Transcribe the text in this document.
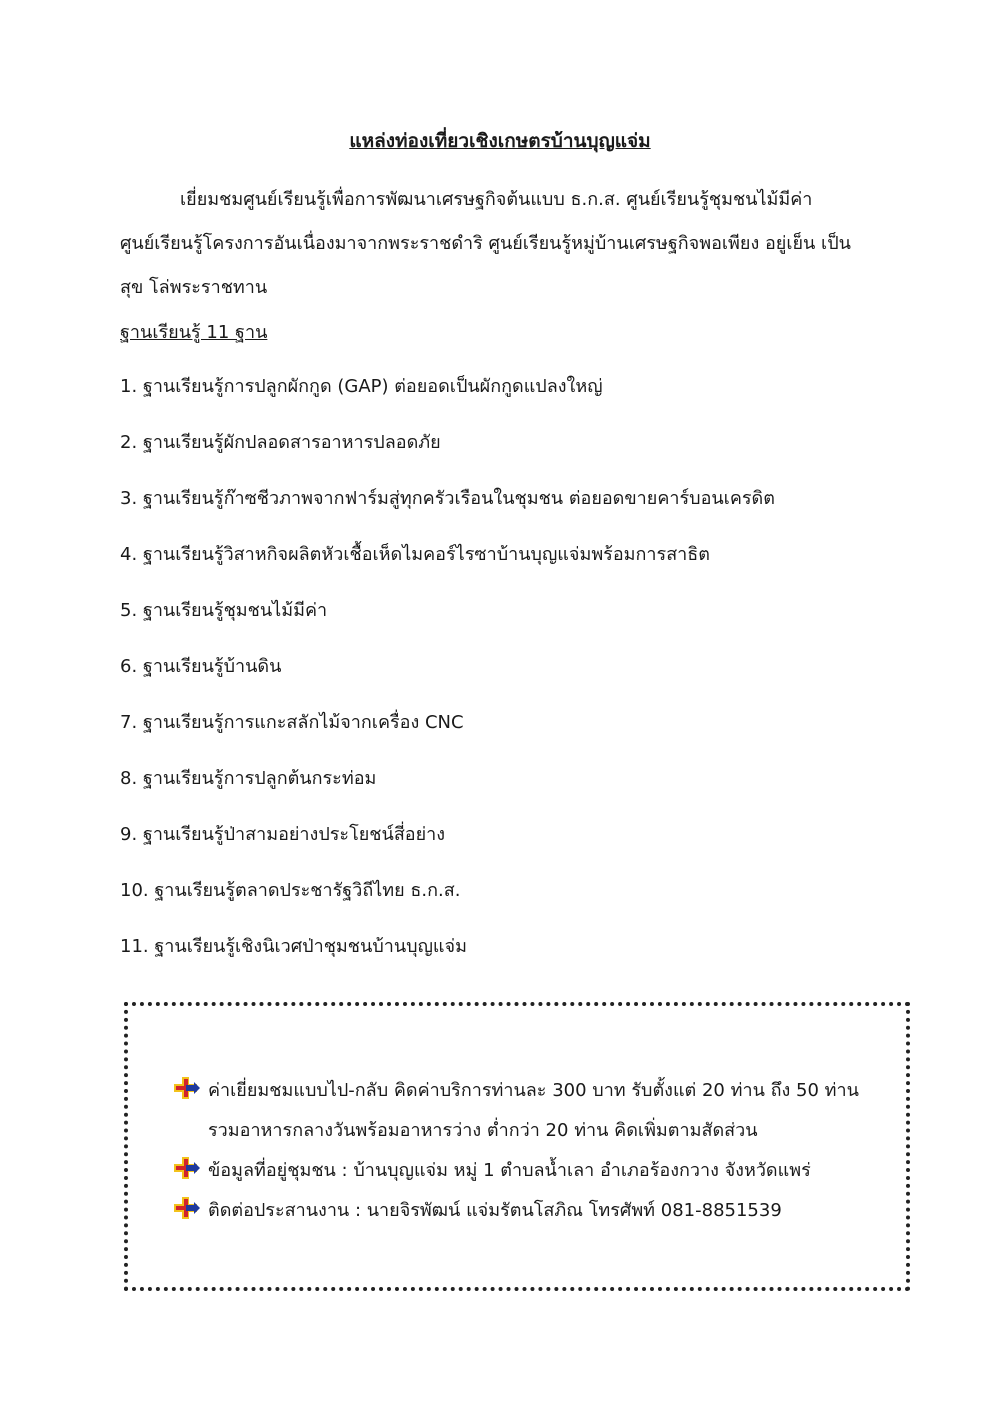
แหล่งท่องเที่ยวเชิงเกษตรบ้านบุญแจ่ม
เยี่ยมชมศูนย์เรียนรู้เพื่อการพัฒนาเศรษฐกิจต้นแบบ ธ.ก.ส. ศูนย์เรียนรู้ชุมชนไม้มีค่า
ศูนย์เรียนรู้โครงการอันเนื่องมาจากพระราชดำริ ศูนย์เรียนรู้หมู่บ้านเศรษฐกิจพอเพียง อยู่เย็น เป็น
สุข โล่พระราชทาน
ฐานเรียนรู้ 11 ฐาน
1. ฐานเรียนรู้การปลูกผักกูด (GAP) ต่อยอดเป็นผักกูดแปลงใหญ่
2. ฐานเรียนรู้ผักปลอดสารอาหารปลอดภัย
3. ฐานเรียนรู้ก๊าซชีวภาพจากฟาร์มสู่ทุกครัวเรือนในชุมชน ต่อยอดขายคาร์บอนเครดิต
4. ฐานเรียนรู้วิสาหกิจผลิตหัวเชื้อเห็ดไมคอร์ไรซาบ้านบุญแจ่มพร้อมการสาธิต
5. ฐานเรียนรู้ชุมชนไม้มีค่า
6. ฐานเรียนรู้บ้านดิน
7. ฐานเรียนรู้การแกะสลักไม้จากเครื่อง CNC
8. ฐานเรียนรู้การปลูกต้นกระท่อม
9. ฐานเรียนรู้ป่าสามอย่างประโยชน์สี่อย่าง
10. ฐานเรียนรู้ตลาดประชารัฐวิถีไทย ธ.ก.ส.
11. ฐานเรียนรู้เชิงนิเวศป่าชุมชนบ้านบุญแจ่ม
ค่าเยี่ยมชมแบบไป-กลับ คิดค่าบริการท่านละ 300 บาท รับตั้งแต่ 20 ท่าน ถึง 50 ท่าน
รวมอาหารกลางวันพร้อมอาหารว่าง ต่ำกว่า 20 ท่าน คิดเพิ่มตามสัดส่วน
ข้อมูลที่อยู่ชุมชน : บ้านบุญแจ่ม หมู่ 1 ตำบลน้ำเลา อำเภอร้องกวาง จังหวัดแพร่
ติดต่อประสานงาน : นายจิรพัฒน์ แจ่มรัตนโสภิณ โทรศัพท์ 081-8851539
